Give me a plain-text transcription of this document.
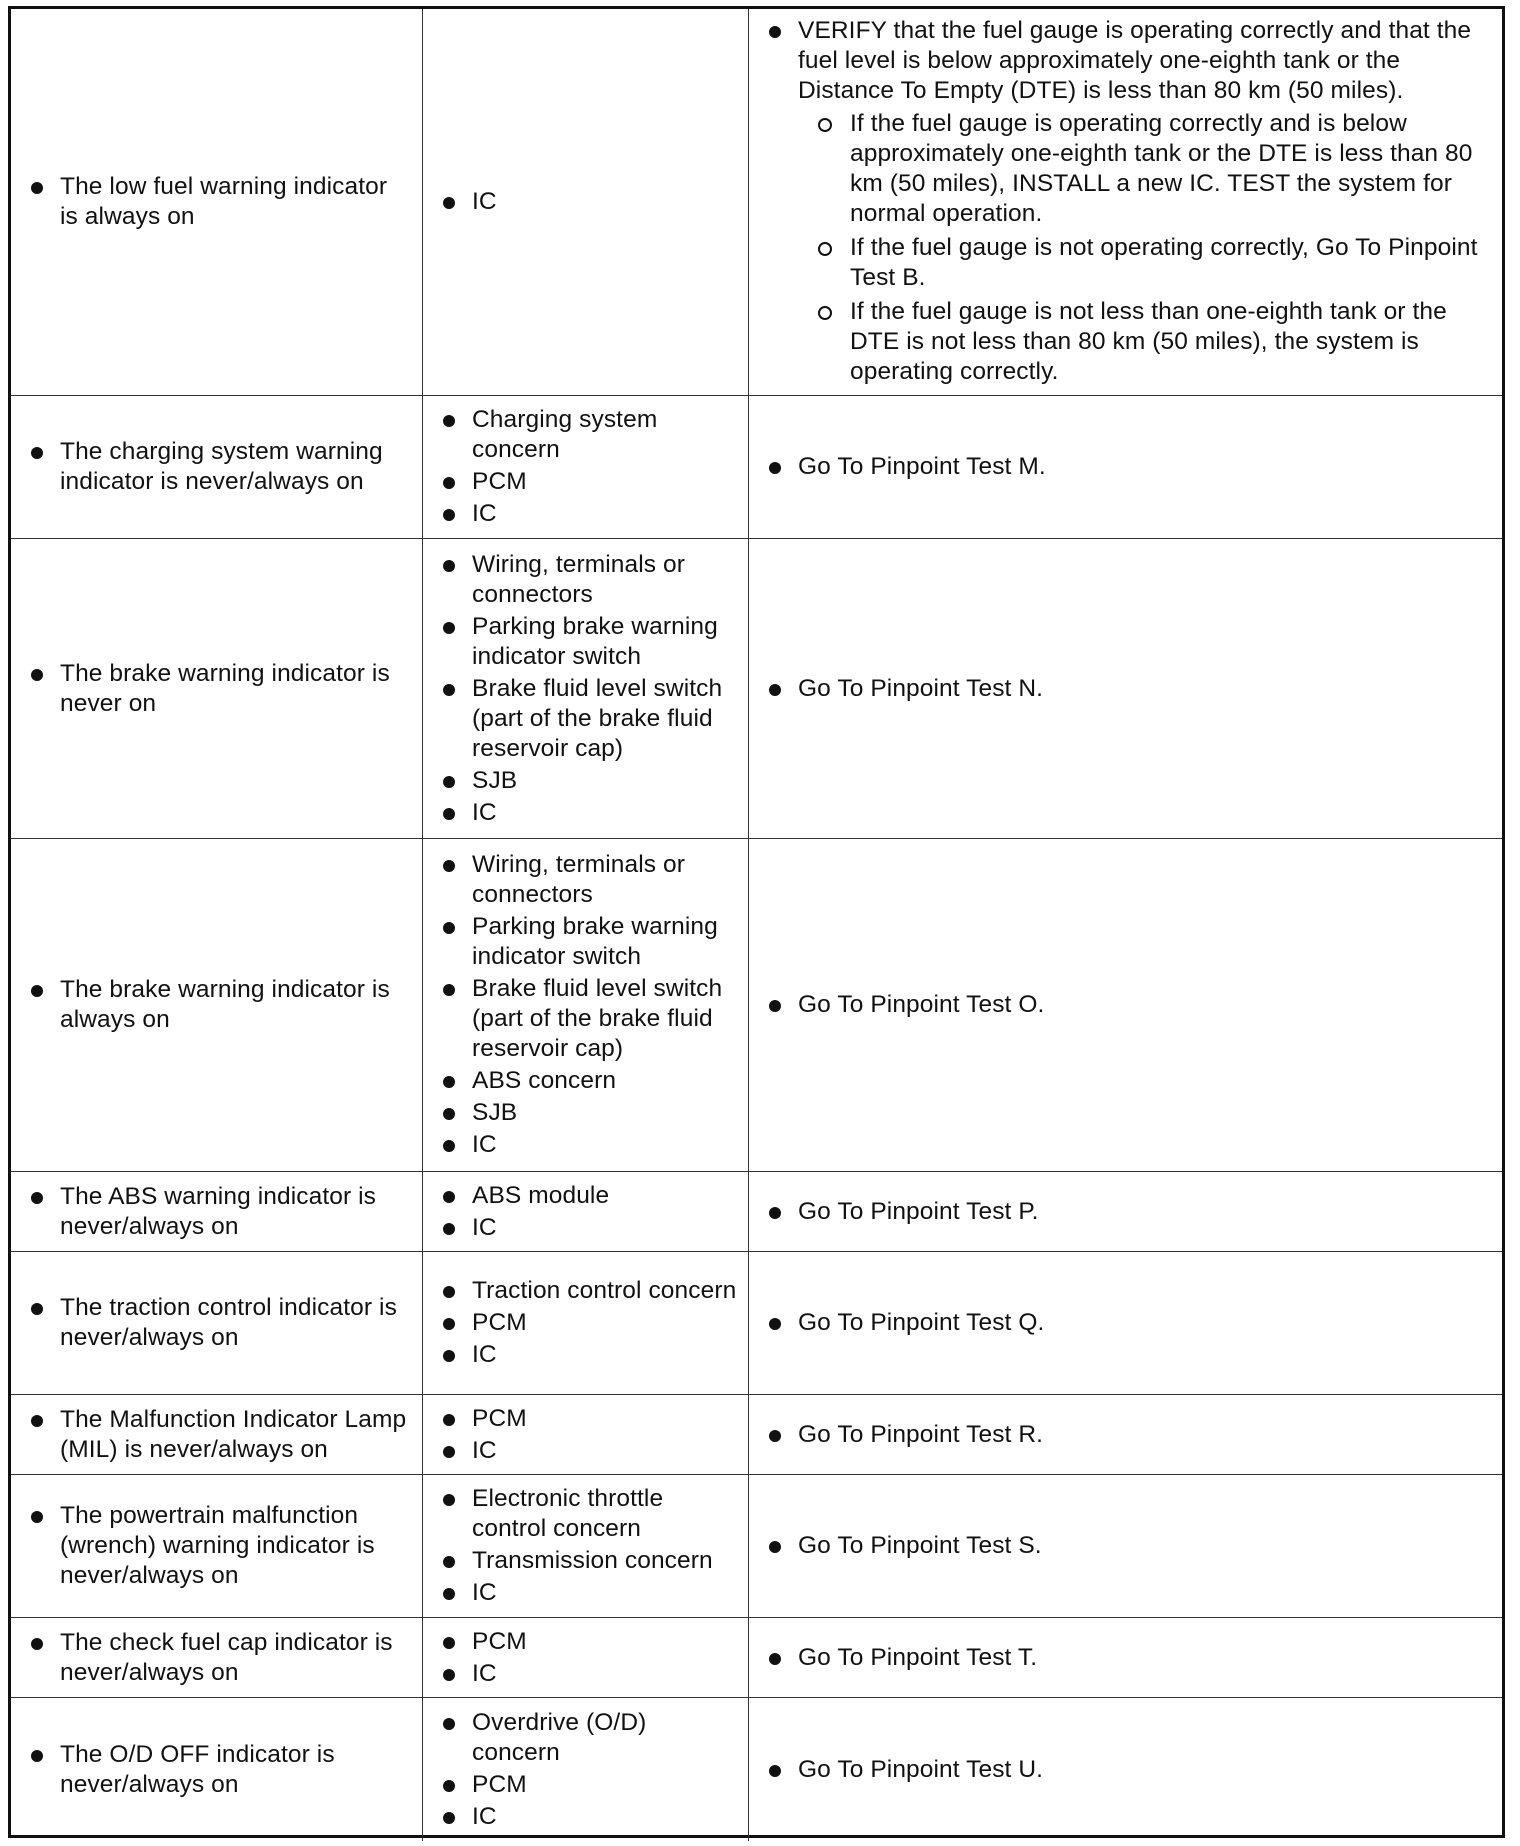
The low fuel warning indicator is always on
IC
VERIFY that the fuel gauge is operating correctly and that the fuel level is below approximately one-eighth tank or the Distance To Empty (DTE) is less than 80 km (50 miles).
If the fuel gauge is operating correctly and is below approximately one-eighth tank or the DTE is less than 80 km (50 miles), INSTALL a new IC. TEST the system for normal operation.
If the fuel gauge is not operating correctly, Go To Pinpoint Test B.
If the fuel gauge is not less than one-eighth tank or the DTE is not less than 80 km (50 miles), the system is operating correctly.
The charging system warning indicator is never/always on
Charging system concern
PCM
IC
Go To Pinpoint Test M.
The brake warning indicator is never on
Wiring, terminals or connectors
Parking brake warning indicator switch
Brake fluid level switch (part of the brake fluid reservoir cap)
SJB
IC
Go To Pinpoint Test N.
The brake warning indicator is always on
Wiring, terminals or connectors
Parking brake warning indicator switch
Brake fluid level switch (part of the brake fluid reservoir cap)
ABS concern
SJB
IC
Go To Pinpoint Test O.
The ABS warning indicator is never/always on
ABS module
IC
Go To Pinpoint Test P.
The traction control indicator is never/always on
Traction control concern
PCM
IC
Go To Pinpoint Test Q.
The Malfunction Indicator Lamp (MIL) is never/always on
PCM
IC
Go To Pinpoint Test R.
The powertrain malfunction (wrench) warning indicator is never/always on
Electronic throttle control concern
Transmission concern
IC
Go To Pinpoint Test S.
The check fuel cap indicator is never/always on
PCM
IC
Go To Pinpoint Test T.
The O/D OFF indicator is never/always on
Overdrive (O/D) concern
PCM
IC
Go To Pinpoint Test U.
